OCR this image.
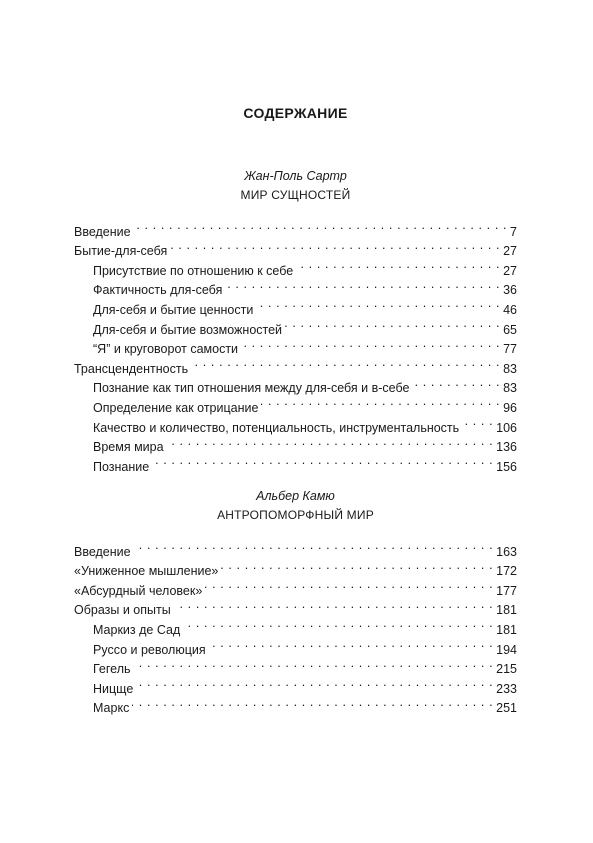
СОДЕРЖАНИЕ
Жан-Поль Сартр
МИР СУЩНОСТЕЙ
Введение . . .	7
Бытие-для-себя . . .	27
Присутствие по отношению к себе . . .	27
Фактичность для-себя . . .	36
Для-себя и бытие ценности . . .	46
Для-себя и бытие возможностей . . .	65
“Я” и круговорот самости . . .	77
Трансцендентность . . .	83
Познание как тип отношения между для-себя и в-себе . . .	83
Определение как отрицание . . .	96
Качество и количество, потенциальность, инструментальность . . .	106
Время мира . . .	136
Познание . . .	156
Альбер Камю
АНТРОПОМОРФНЫЙ МИР
Введение . . .	163
«Униженное мышление» . . .	172
«Абсурдный человек» . . .	177
Образы и опыты . . .	181
Маркиз де Сад . . .	181
Руссо и революция . . .	194
Гегель . . .	215
Ницще . . .	233
Маркс . . .	251
